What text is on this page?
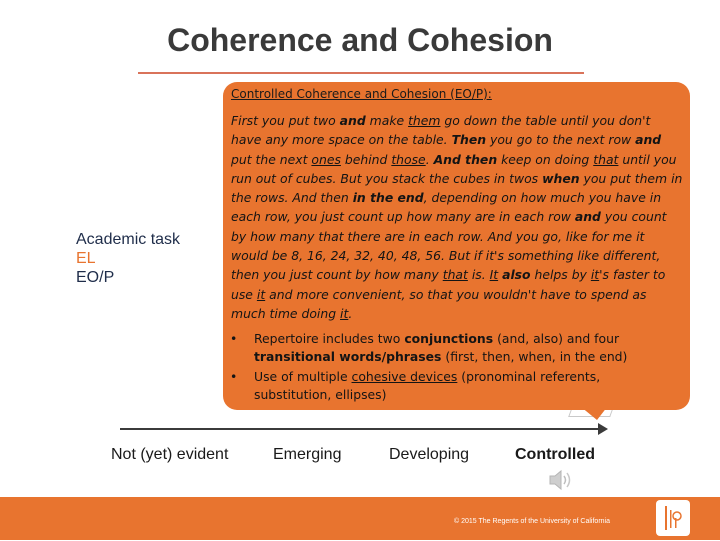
Coherence and Cohesion
Academic task
EL
EO/P
Controlled Coherence and Cohesion (EO/P):
First you put two and make them go down the table until you don't have any more space on the table. Then you go to the next row and put the next ones behind those. And then keep on doing that until you run out of cubes. But you stack the cubes in twos when you put them in the rows. And then in the end, depending on how much you have in each row, you just count up how many are in each row and you count by how many that there are in each row. And you go, like for me it would be 8, 16, 24, 32, 40, 48, 56. But if it's something like different, then you just count by how many that is. It also helps by it's faster to use it and more convenient, so that you wouldn't have to spend as much time doing it.
• Repertoire includes two conjunctions (and, also) and four transitional words/phrases (first, then, when, in the end)
• Use of multiple cohesive devices (pronominal referents, substitution, ellipses)
Not (yet) evident	Emerging	Developing	Controlled
© 2015 The Regents of the University of California
